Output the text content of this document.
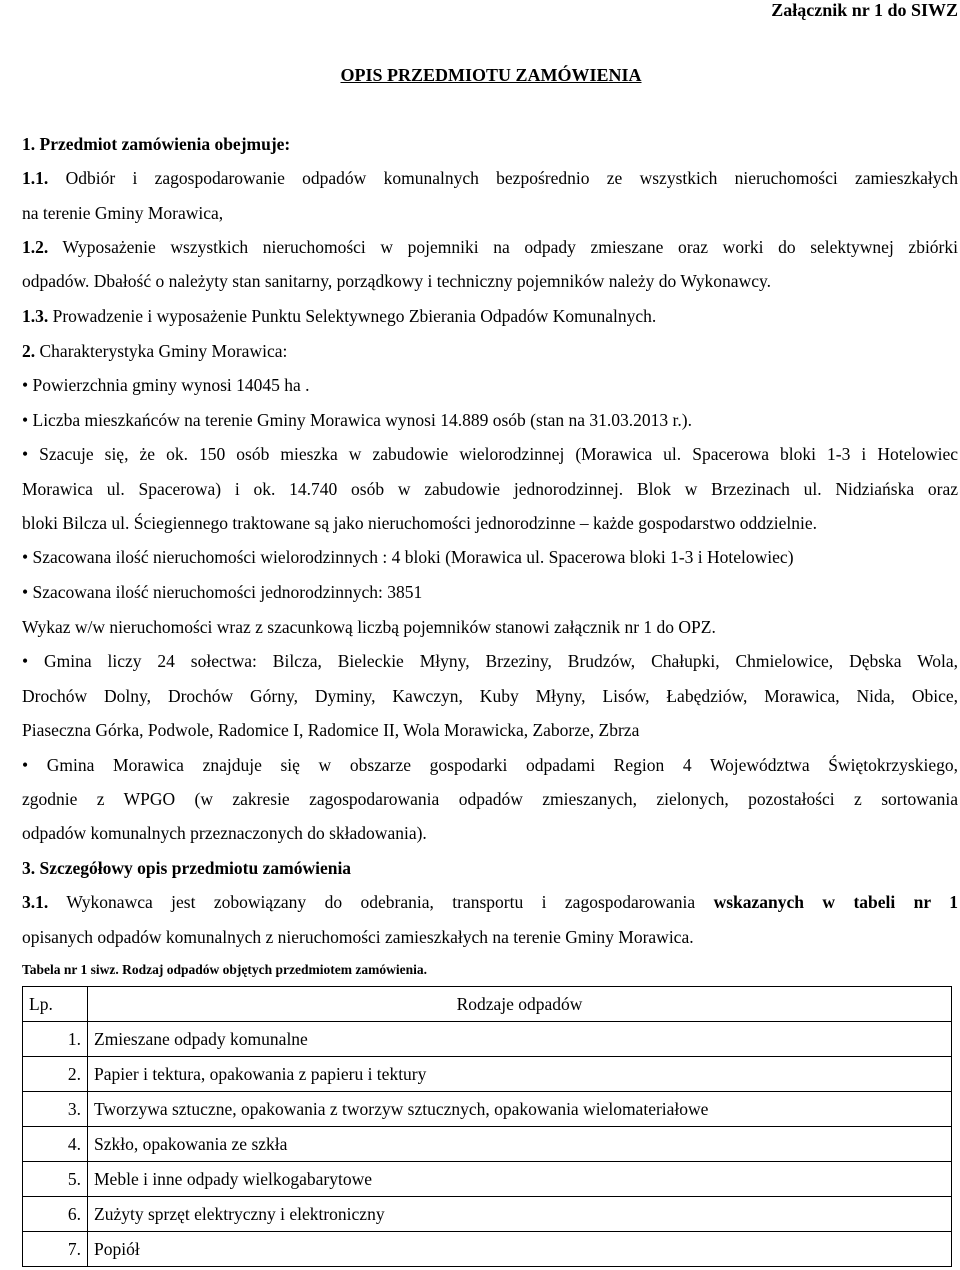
Załącznik nr 1 do SIWZ
OPIS PRZEDMIOTU ZAMÓWIENIA
1. Przedmiot zamówienia obejmuje:
1.1. Odbiór i zagospodarowanie odpadów komunalnych bezpośrednio ze wszystkich nieruchomości zamieszkałych
na terenie Gminy Morawica,
1.2. Wyposażenie wszystkich nieruchomości w pojemniki na odpady zmieszane oraz worki do selektywnej zbiórki
odpadów. Dbałość o należyty stan sanitarny, porządkowy i techniczny pojemników należy do Wykonawcy.
1.3. Prowadzenie i wyposażenie Punktu Selektywnego Zbierania Odpadów Komunalnych.
2. Charakterystyka Gminy Morawica:
• Powierzchnia gminy wynosi 14045 ha .
• Liczba mieszkańców na terenie Gminy Morawica wynosi 14.889 osób (stan na 31.03.2013 r.).
• Szacuje się, że ok. 150 osób mieszka w zabudowie wielorodzinnej (Morawica ul. Spacerowa bloki 1-3 i Hotelowiec
Morawica ul. Spacerowa) i ok. 14.740 osób w zabudowie jednorodzinnej. Blok w Brzezinach ul. Nidziańska oraz
bloki Bilcza ul. Ściegiennego traktowane są jako nieruchomości jednorodzinne – każde gospodarstwo oddzielnie.
• Szacowana ilość nieruchomości wielorodzinnych : 4 bloki (Morawica ul. Spacerowa bloki 1-3 i Hotelowiec)
• Szacowana ilość nieruchomości jednorodzinnych: 3851
Wykaz w/w nieruchomości wraz z szacunkową liczbą pojemników stanowi załącznik nr 1 do OPZ.
• Gmina liczy 24 sołectwa: Bilcza, Bieleckie Młyny, Brzeziny, Brudzów, Chałupki, Chmielowice, Dębska Wola,
Drochów Dolny, Drochów Górny, Dyminy, Kawczyn, Kuby Młyny, Lisów, Łabędziów, Morawica, Nida, Obice,
Piaseczna Górka, Podwole, Radomice I, Radomice II, Wola Morawicka, Zaborze, Zbrza
• Gmina Morawica znajduje się w obszarze gospodarki odpadami Region 4 Województwa Świętokrzyskiego,
zgodnie z WPGO (w zakresie zagospodarowania odpadów zmieszanych, zielonych, pozostałości z sortowania
odpadów komunalnych przeznaczonych do składowania).
3. Szczegółowy opis przedmiotu zamówienia
3.1. Wykonawca jest zobowiązany do odebrania, transportu i zagospodarowania wskazanych w tabeli nr 1
opisanych odpadów komunalnych z nieruchomości zamieszkałych na terenie Gminy Morawica.
Tabela nr 1 siwz. Rodzaj odpadów objętych przedmiotem zamówienia.
Lp.	Rodzaje odpadów
1.	Zmieszane odpady komunalne
2.	Papier i tektura, opakowania z papieru i tektury
3.	Tworzywa sztuczne, opakowania z tworzyw sztucznych, opakowania wielomateriałowe
4.	Szkło, opakowania ze szkła
5.	Meble i inne odpady wielkogabarytowe
6.	Zużyty sprzęt elektryczny i elektroniczny
7.	Popiół
